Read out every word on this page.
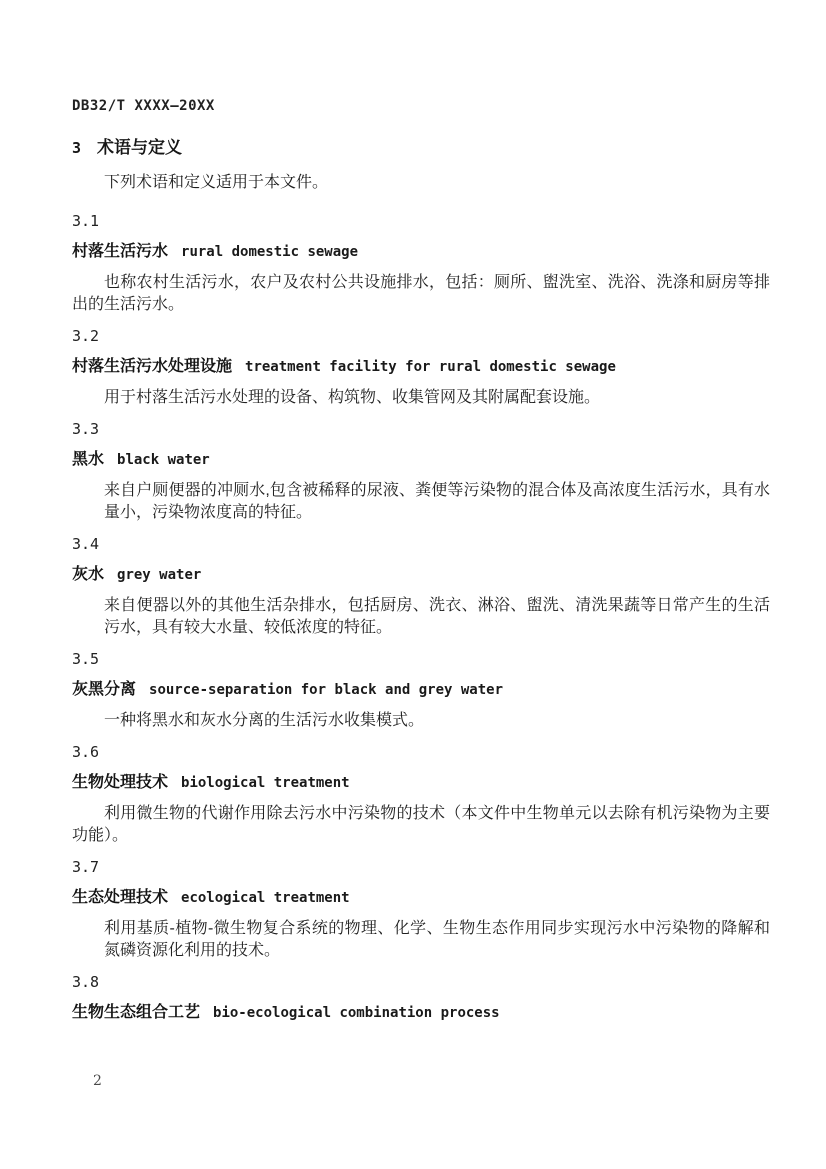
DB32/T XXXX—20XX
3 术语与定义

下列术语和定义适用于本文件。

3.1
村落生活污水 rural domestic sewage

也称农村生活污水，农户及农村公共设施排水，包括：厕所、盥洗室、洗浴、洗涤和厨房等排出的生活污水。

3.2
村落生活污水处理设施 treatment facility for rural domestic sewage

用于村落生活污水处理的设备、构筑物、收集管网及其附属配套设施。

3.3
黑水 black water

来自户厕便器的冲厕水,包含被稀释的尿液、粪便等污染物的混合体及高浓度生活污水，具有水量小，污染物浓度高的特征。

3.4
灰水 grey water

来自便器以外的其他生活杂排水，包括厨房、洗衣、淋浴、盥洗、清洗果蔬等日常产生的生活污水，具有较大水量、较低浓度的特征。

3.5
灰黑分离 source-separation for black and grey water

一种将黑水和灰水分离的生活污水收集模式。

3.6
生物处理技术 biological treatment

利用微生物的代谢作用除去污水中污染物的技术（本文件中生物单元以去除有机污染物为主要功能）。

3.7
生态处理技术 ecological treatment

利用基质-植物-微生物复合系统的物理、化学、生物生态作用同步实现污水中污染物的降解和氮磷资源化利用的技术。

3.8
生物生态组合工艺 bio-ecological combination process
2
